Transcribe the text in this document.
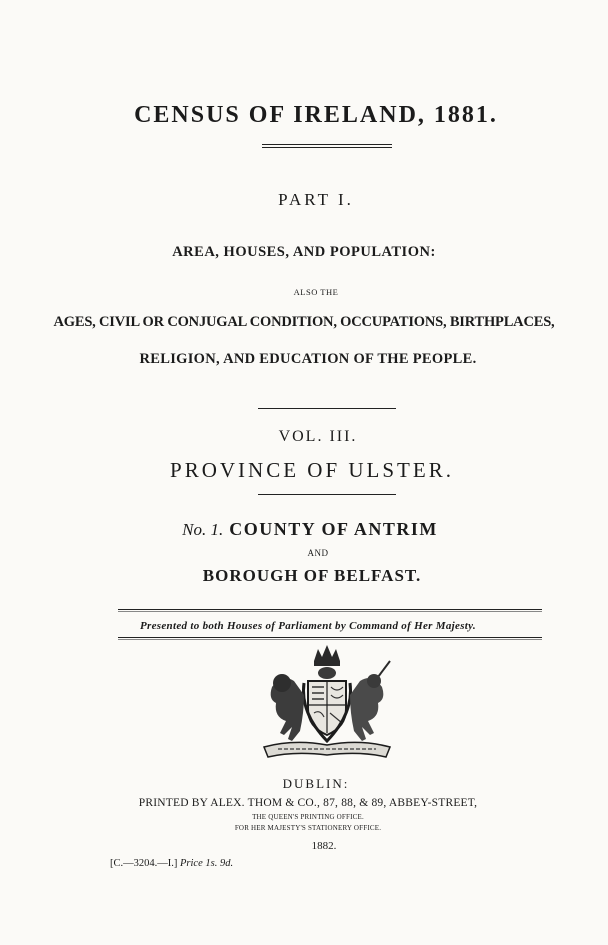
CENSUS OF IRELAND, 1881.
PART I.
AREA, HOUSES, AND POPULATION:
ALSO THE
AGES, CIVIL OR CONJUGAL CONDITION, OCCUPATIONS, BIRTHPLACES,
RELIGION, AND EDUCATION OF THE PEOPLE.
VOL. III.
PROVINCE OF ULSTER.
No. 1. COUNTY OF ANTRIM
AND
BOROUGH OF BELFAST.
Presented to both Houses of Parliament by Command of Her Majesty.
DUBLIN:
PRINTED BY ALEX. THOM & CO., 87, 88, & 89, ABBEY-STREET,
THE QUEEN'S PRINTING OFFICE.
FOR HER MAJESTY'S STATIONERY OFFICE.
1882.
[C.—3204.—I.] Price 1s. 9d.
